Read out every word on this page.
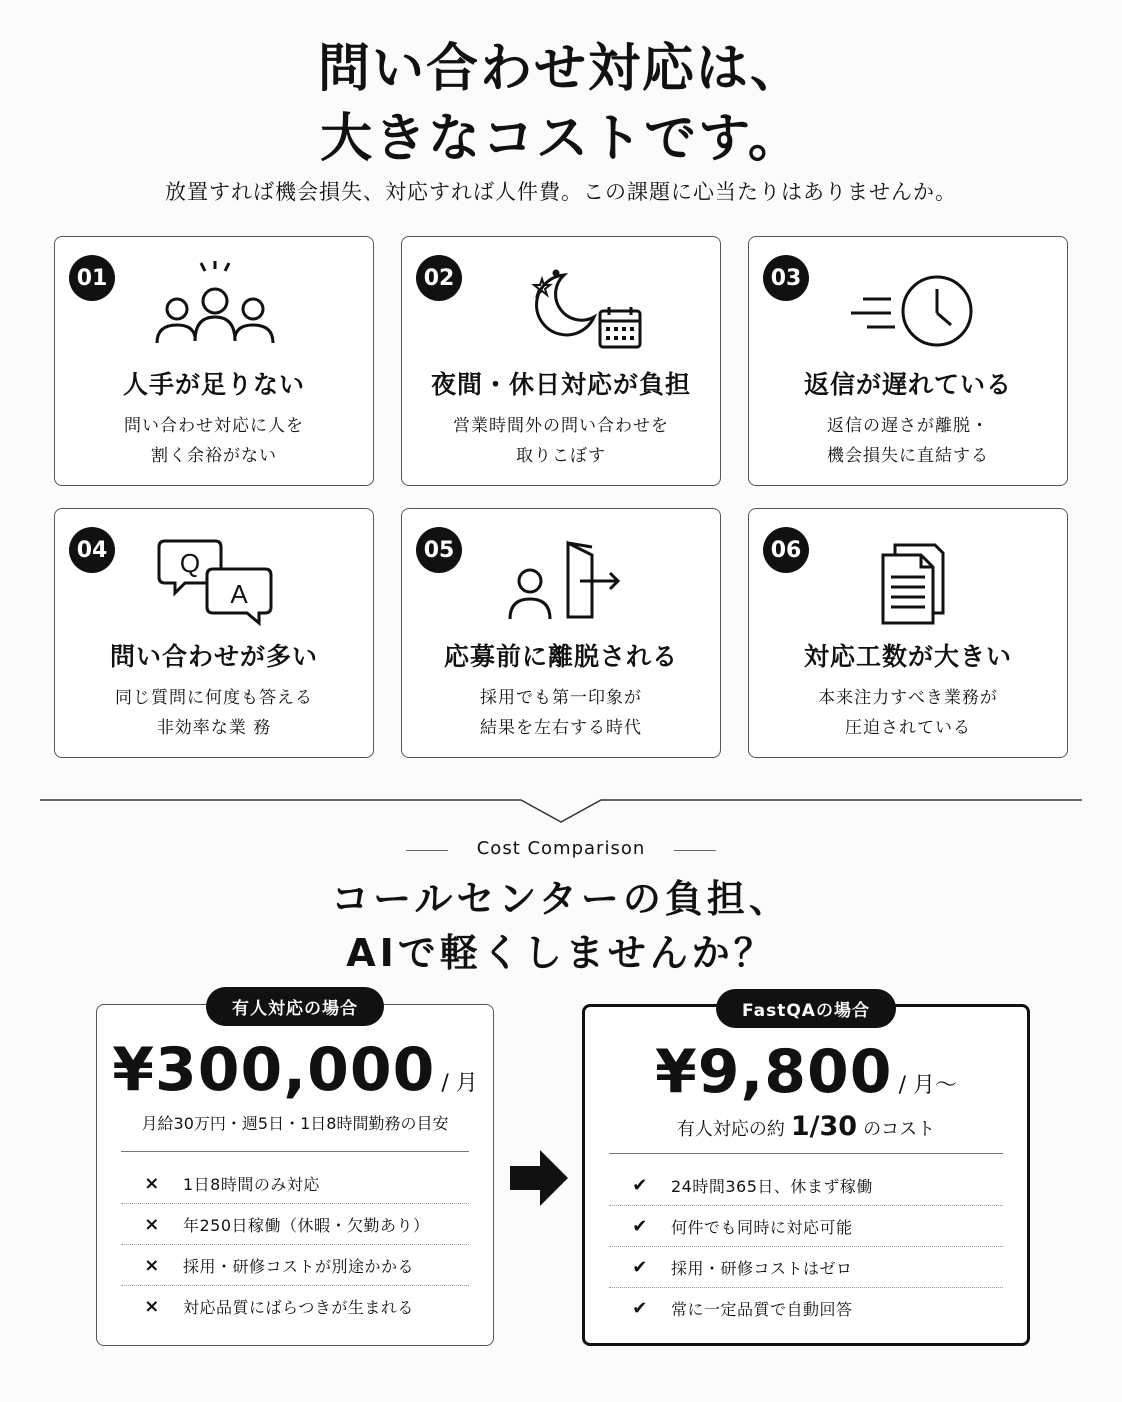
問い合わせ対応は、
大きなコストです。
放置すれば機会損失、対応すれば人件費。この課題に心当たりはありませんか。
01
人手が足りない
問い合わせ対応に人を
割く余裕がない
02
夜間・休日対応が負担
営業時間外の問い合わせを
取りこぼす
03
返信が遅れている
返信の遅さが離脱・
機会損失に直結する
04	Q
A
問い合わせが多い
同じ質問に何度も答える
非効率な業 務
05
応募前に離脱される
採用でも第一印象が
結果を左右する時代
06
対応工数が大きい
本来注力すべき業務が
圧迫されている
Cost Comparison
コールセンターの負担、
AIで軽くしませんか？
有人対応の場合
¥300,000 / 月
月給30万円・週5日・1日8時間勤務の目安
×	1日8時間のみ対応
×	年250日稼働（休暇・欠勤あり）
×	採用・研修コストが別途かかる
×	対応品質にばらつきが生まれる
FastQAの場合
¥9,800 / 月〜
有人対応の約 1/30 のコスト
✔	24時間365日、休まず稼働
✔	何件でも同時に対応可能
✔	採用・研修コストはゼロ
✔	常に一定品質で自動回答
